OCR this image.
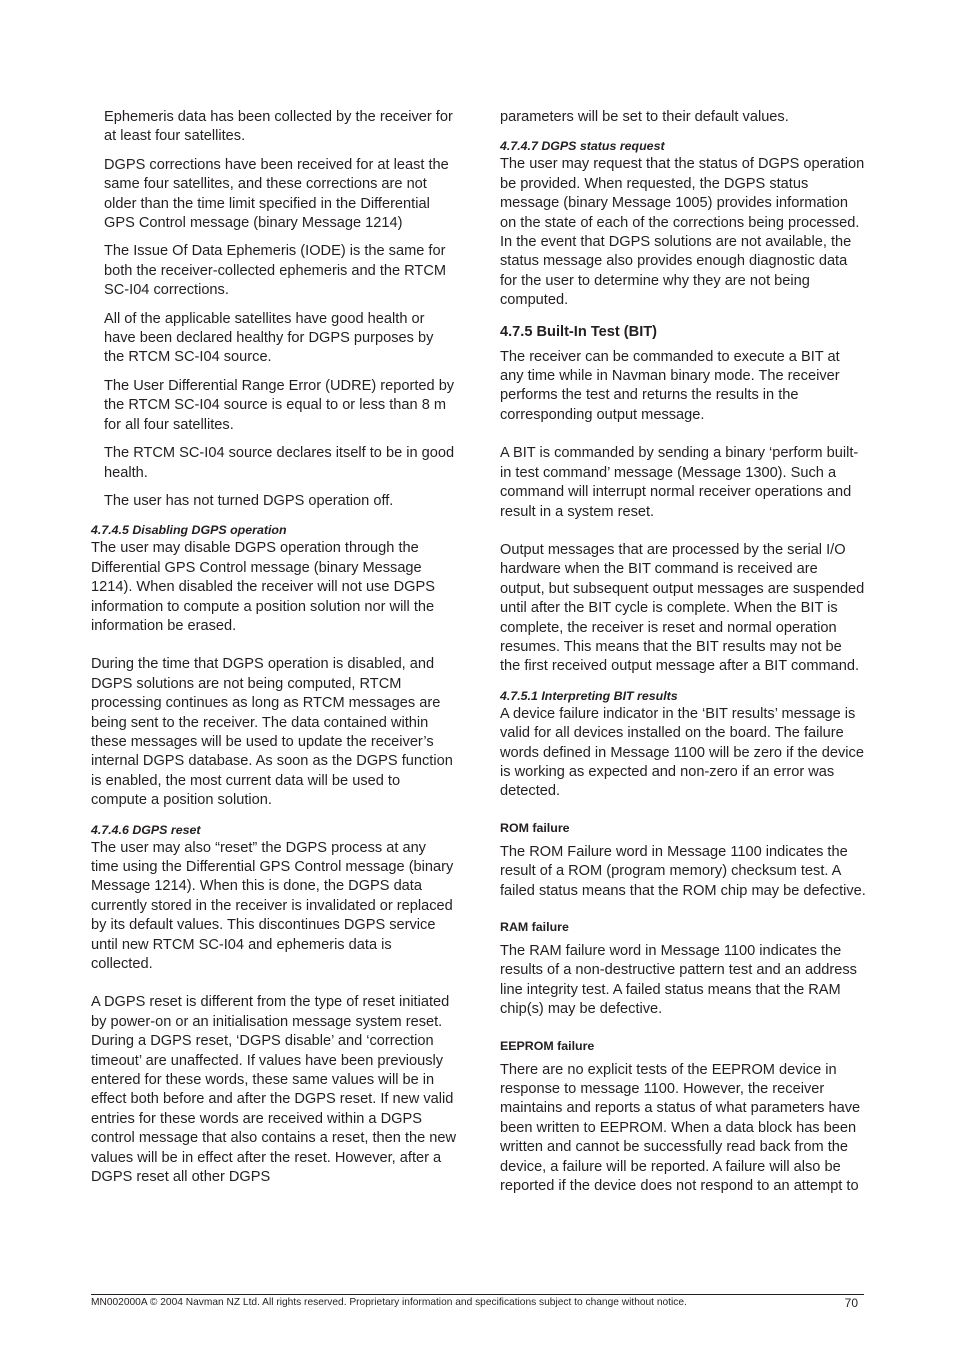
Ephemeris data has been collected by the receiver for at least four satellites.

DGPS corrections have been received for at least the same four satellites, and these corrections are not older than the time limit specified in the Differential GPS Control message (binary Message 1214)

The Issue Of Data Ephemeris (IODE) is the same for both the receiver-collected ephemeris and the RTCM SC-I04 corrections.

All of the applicable satellites have good health or have been declared healthy for DGPS purposes by the RTCM SC-I04 source.

The User Differential Range Error (UDRE) reported by the RTCM SC-I04 source is equal to or less than 8 m for all four satellites.

The RTCM SC-I04 source declares itself to be in good health.

The user has not turned DGPS operation off.

4.7.4.5 Disabling DGPS operation

The user may disable DGPS operation through the Differential GPS Control message (binary Message 1214). When disabled the receiver will not use DGPS information to compute a position solution nor will the information be erased.

During the time that DGPS operation is disabled, and DGPS solutions are not being computed, RTCM processing continues as long as RTCM messages are being sent to the receiver. The data contained within these messages will be used to update the receiver’s internal DGPS database. As soon as the DGPS function is enabled, the most current data will be used to compute a position solution.

4.7.4.6 DGPS reset

The user may also “reset” the DGPS process at any time using the Differential GPS Control message (binary Message 1214). When this is done, the DGPS data currently stored in the receiver is invalidated or replaced by its default values. This discontinues DGPS service until new RTCM SC-I04 and ephemeris data is collected.

A DGPS reset is different from the type of reset initiated by power-on or an initialisation message system reset. During a DGPS reset, ‘DGPS disable’ and ‘correction timeout’ are unaffected. If values have been previously entered for these words, these same values will be in effect both before and after the DGPS reset. If new valid entries for these words are received within a DGPS control message that also contains a reset, then the new values will be in effect after the reset. However, after a DGPS reset all other DGPS

parameters will be set to their default values.

4.7.4.7 DGPS status request

The user may request that the status of DGPS operation be provided. When requested, the DGPS status message (binary Message 1005) provides information on the state of each of the corrections being processed. In the event that DGPS solutions are not available, the status message also provides enough diagnostic data for the user to determine why they are not being computed.

4.7.5 Built-In Test (BIT)

The receiver can be commanded to execute a BIT at any time while in Navman binary mode. The receiver performs the test and returns the results in the corresponding output message.

A BIT is commanded by sending a binary ‘perform built-in test command’ message (Message 1300). Such a command will interrupt normal receiver operations and result in a system reset.

Output messages that are processed by the serial I/O hardware when the BIT command is received are output, but subsequent output messages are suspended until after the BIT cycle is complete. When the BIT is complete, the receiver is reset and normal operation resumes. This means that the BIT results may not be the first received output message after a BIT command.

4.7.5.1 Interpreting BIT results

A device failure indicator in the ‘BIT results’ message is valid for all devices installed on the board. The failure words defined in Message 1100 will be zero if the device is working as expected and non-zero if an error was detected.

ROM failure

The ROM Failure word in Message 1100 indicates the result of a ROM (program memory) checksum test. A failed status means that the ROM chip may be defective.

RAM failure

The RAM failure word in Message 1100 indicates the results of a non-destructive pattern test and an address line integrity test. A failed status means that the RAM chip(s) may be defective.

EEPROM failure

There are no explicit tests of the EEPROM device in response to message 1100. However, the receiver maintains and reports a status of what parameters have been written to EEPROM. When a data block has been written and cannot be successfully read back from the device, a failure will be reported. A failure will also be reported if the device does not respond to an attempt to

MN002000A © 2004 Navman NZ Ltd. All rights reserved. Proprietary information and specifications subject to change without notice.	70
